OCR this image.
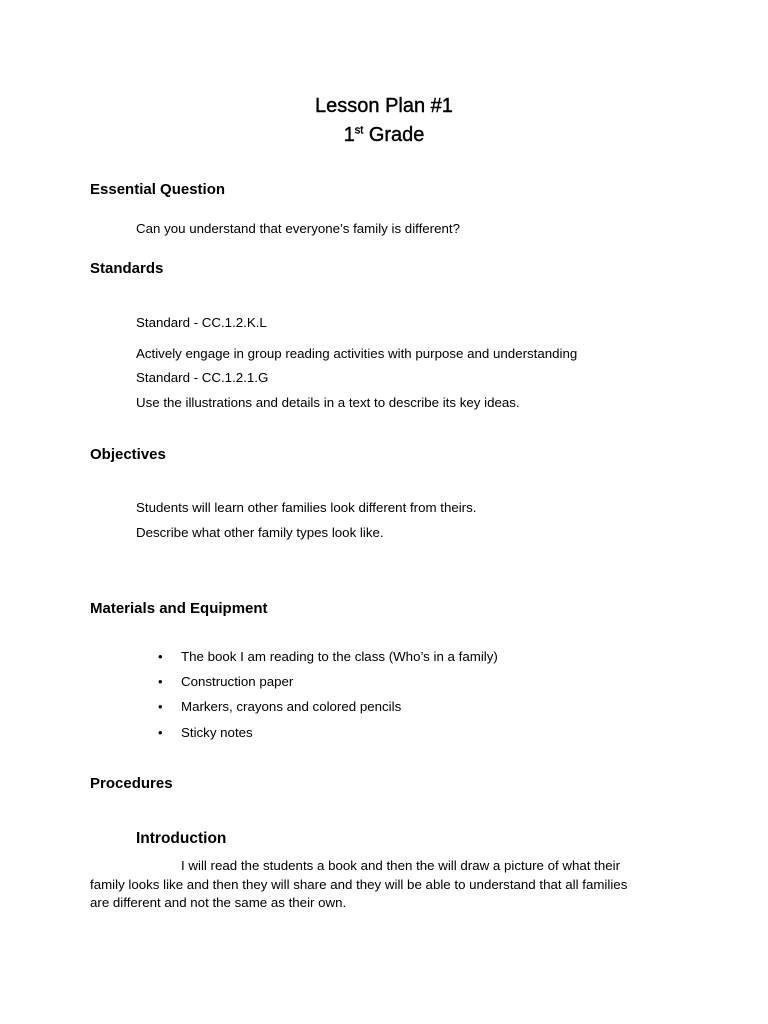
Lesson Plan #1
1st Grade
Essential Question
Can you understand that everyone’s family is different?
Standards
Standard - CC.1.2.K.L
Actively engage in group reading activities with purpose and understanding
Standard - CC.1.2.1.G
Use the illustrations and details in a text to describe its key ideas.
Objectives
Students will learn other families look different from theirs.
Describe what other family types look like.
Materials and Equipment
• The book I am reading to the class (Who’s in a family)
• Construction paper
• Markers, crayons and colored pencils
• Sticky notes
Procedures
Introduction
I will read the students a book and then the will draw a picture of what their
family looks like and then they will share and they will be able to understand that all families
are different and not the same as their own.
